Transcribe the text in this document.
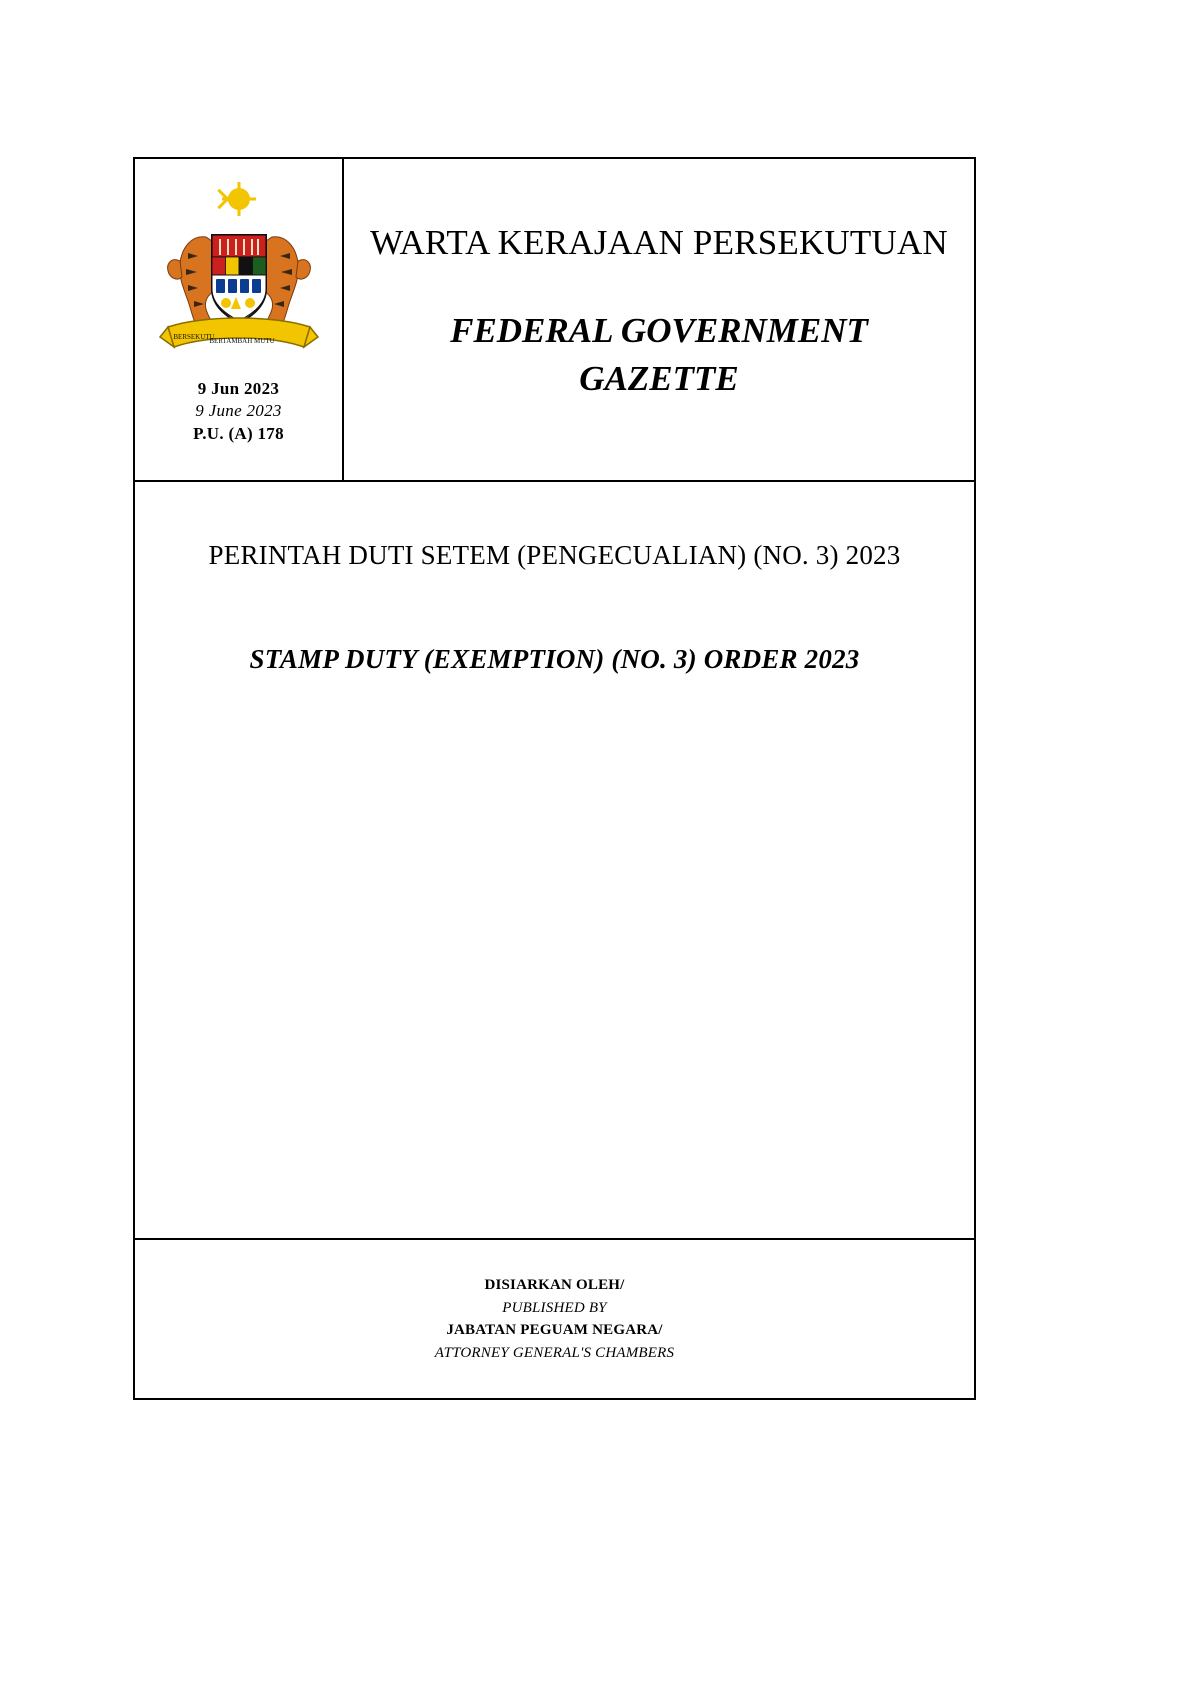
BERSEKUTU
BERTAMBAH MUTU
9 Jun 2023
9 June 2023
P.U. (A) 178
WARTA KERAJAAN PERSEKUTUAN
FEDERAL GOVERNMENT
GAZETTE
PERINTAH DUTI SETEM (PENGECUALIAN) (NO. 3) 2023
STAMP DUTY (EXEMPTION) (NO. 3) ORDER 2023
DISIARKAN OLEH/
PUBLISHED BY
JABATAN PEGUAM NEGARA/
ATTORNEY GENERAL'S CHAMBERS
